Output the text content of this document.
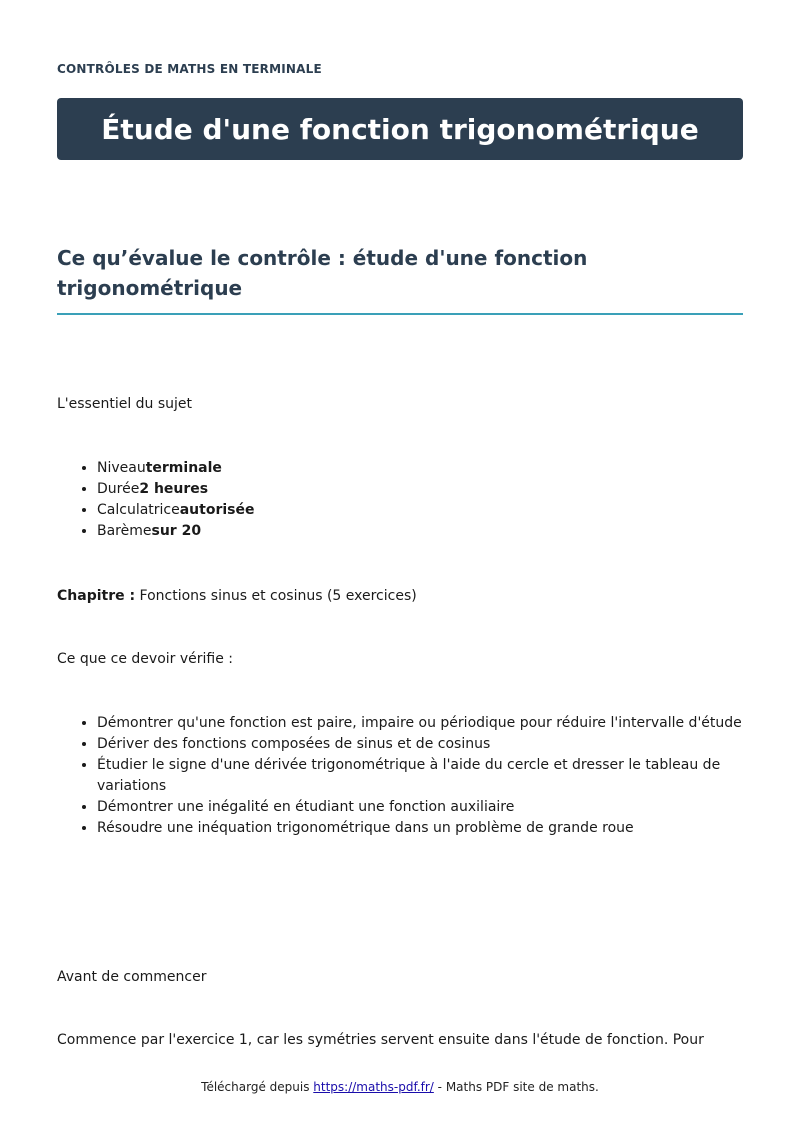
CONTRÔLES DE MATHS EN TERMINALE
Étude d'une fonction trigonométrique
Ce qu’évalue le contrôle : étude d'une fonction trigonométrique

L'essentiel du sujet

• Niveauterminale
• Durée2 heures
• Calculatriceautorisée
• Barèmesur 20

Chapitre : Fonctions sinus et cosinus (5 exercices)

Ce que ce devoir vérifie :

• Démontrer qu'une fonction est paire, impaire ou périodique pour réduire l'intervalle d'étude
• Dériver des fonctions composées de sinus et de cosinus
• Étudier le signe d'une dérivée trigonométrique à l'aide du cercle et dresser le tableau de variations
• Démontrer une inégalité en étudiant une fonction auxiliaire
• Résoudre une inéquation trigonométrique dans un problème de grande roue

Avant de commencer

Commence par l'exercice 1, car les symétries servent ensuite dans l'étude de fonction. Pour

Téléchargé depuis https://maths-pdf.fr/ - Maths PDF site de maths.
